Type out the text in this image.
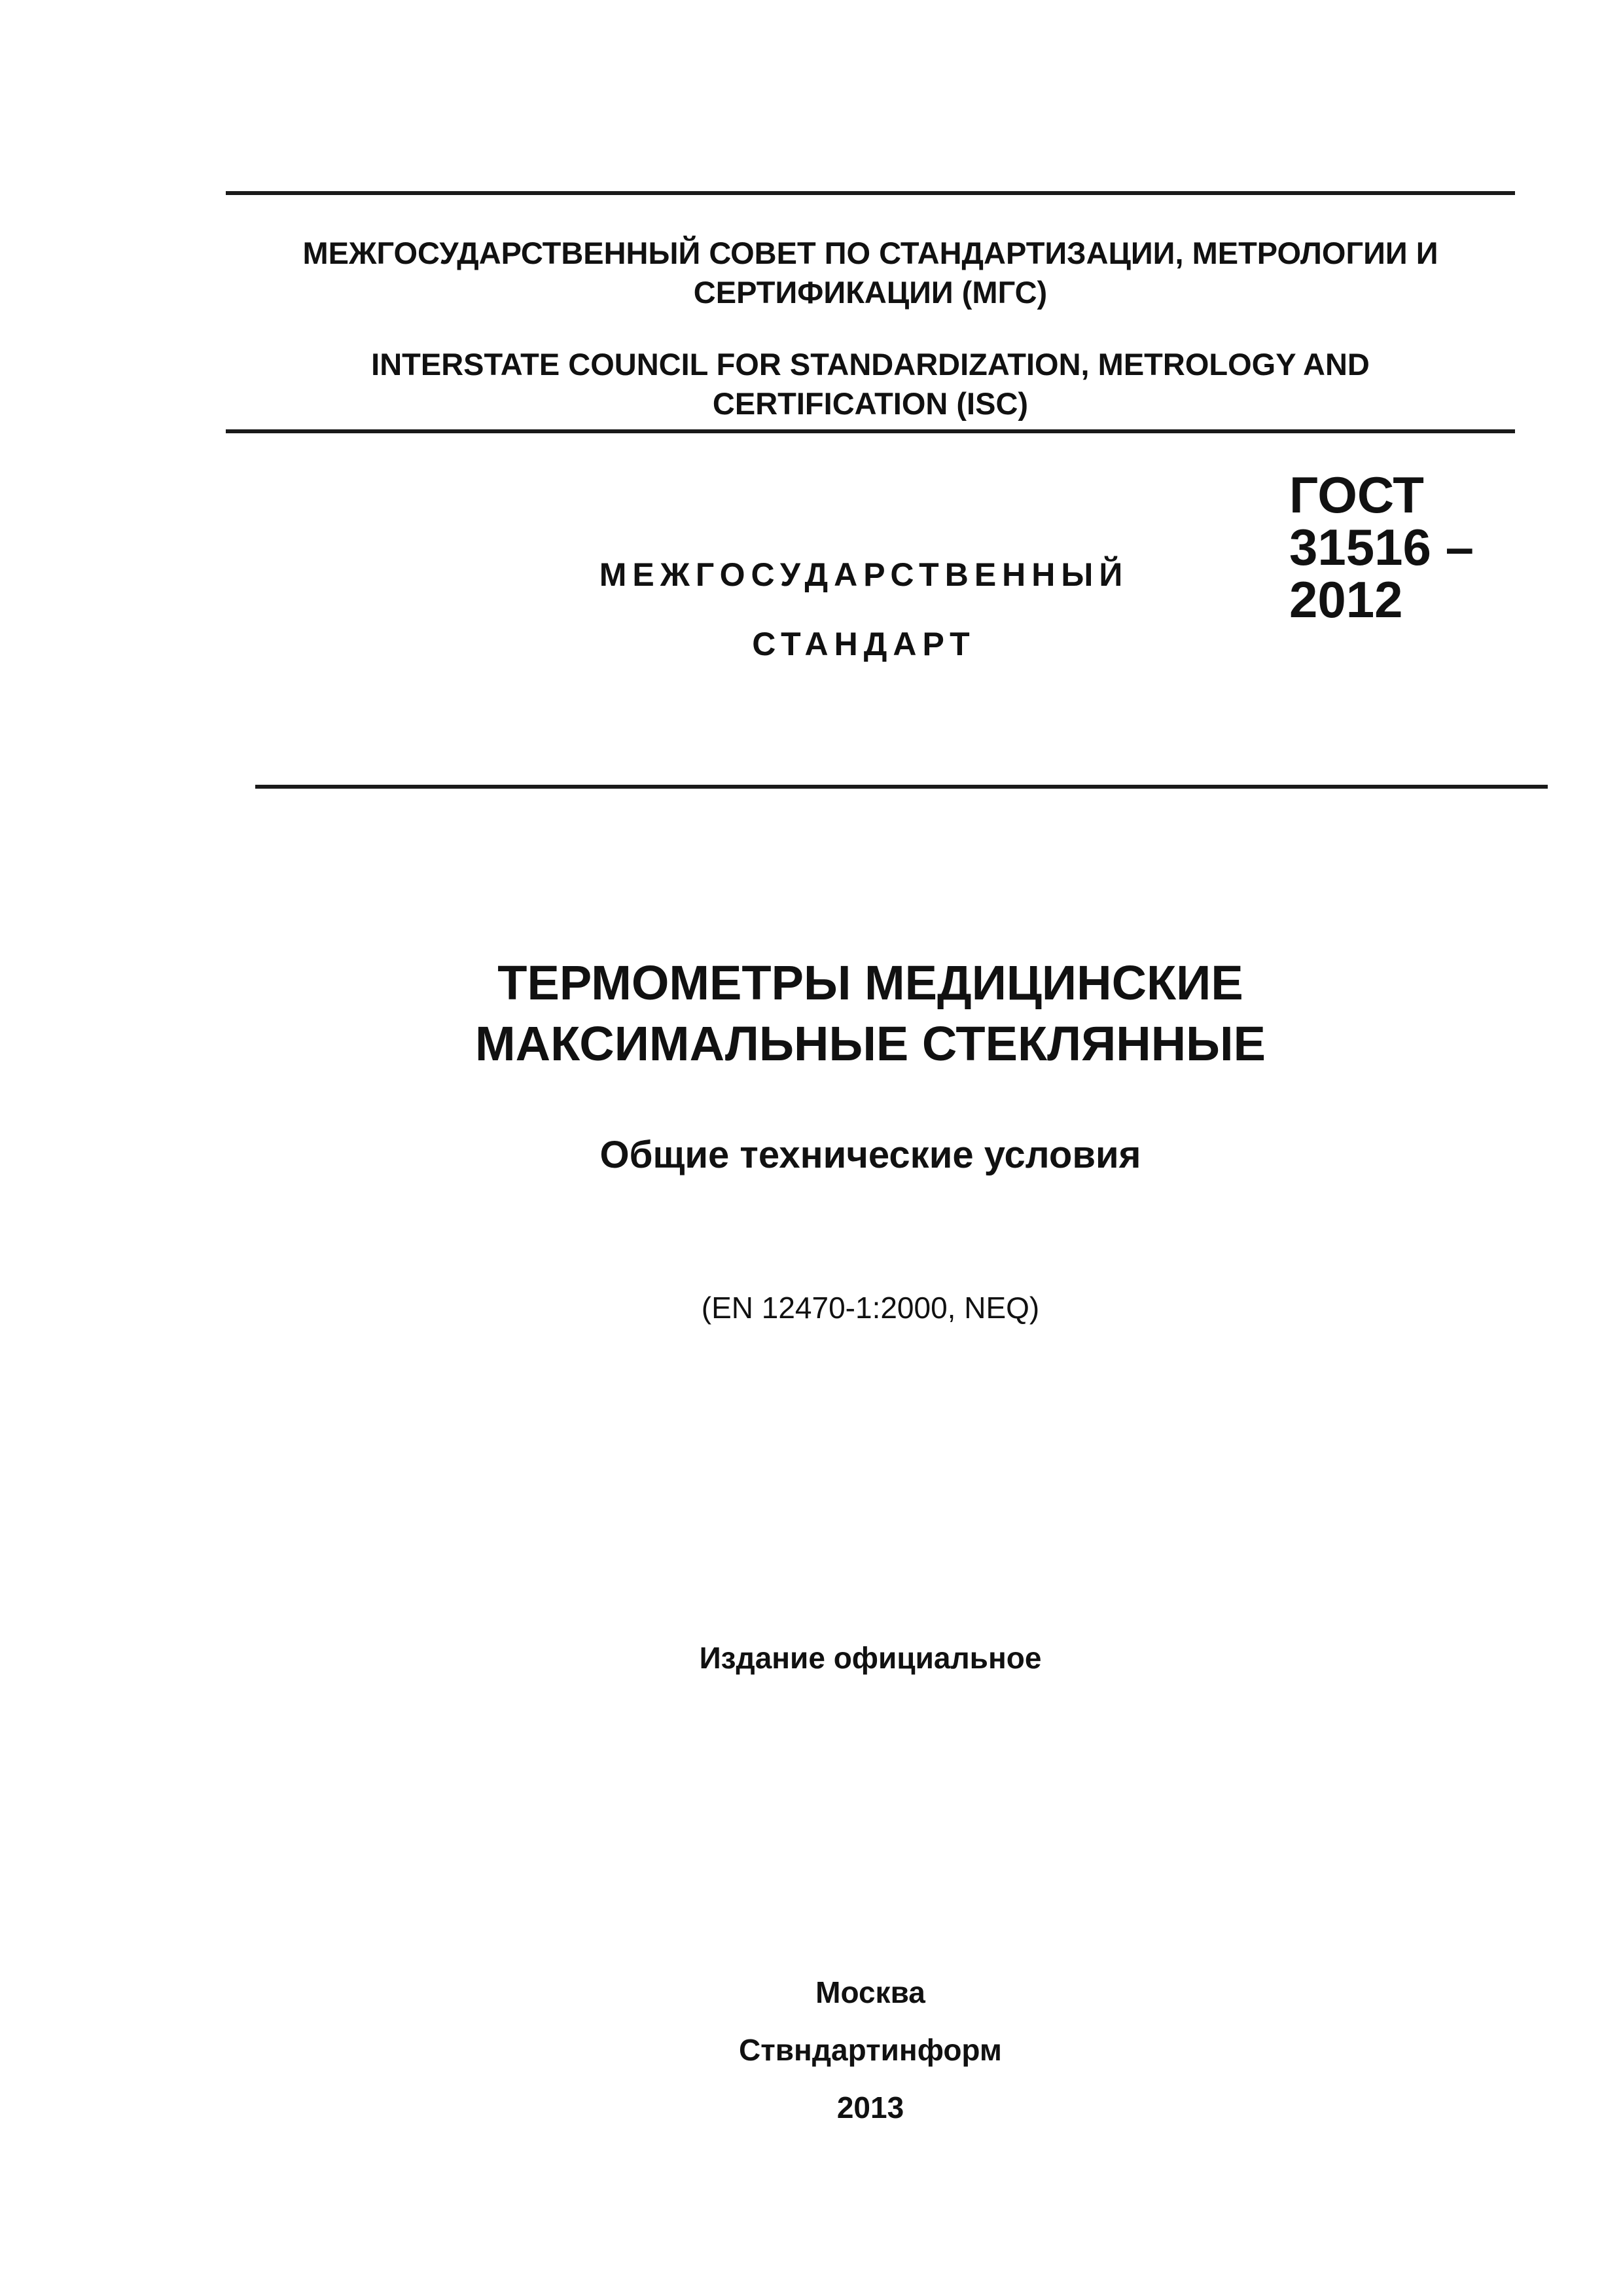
МЕЖГОСУДАРСТВЕННЫЙ СОВЕТ ПО СТАНДАРТИЗАЦИИ, МЕТРОЛОГИИ И
СЕРТИФИКАЦИИ (МГС)
INTERSTATE COUNCIL FOR STANDARDIZATION, METROLOGY AND
CERTIFICATION (ISC)
МЕЖГОСУДАРСТВЕННЫЙ
СТАНДАРТ
ГОСТ
31516 –
2012
ТЕРМОМЕТРЫ МЕДИЦИНСКИЕ
МАКСИМАЛЬНЫЕ СТЕКЛЯННЫЕ
Общие технические условия
(EN 12470-1:2000, NEQ)
Издание официальное
Москва
Ствндартинформ
2013
